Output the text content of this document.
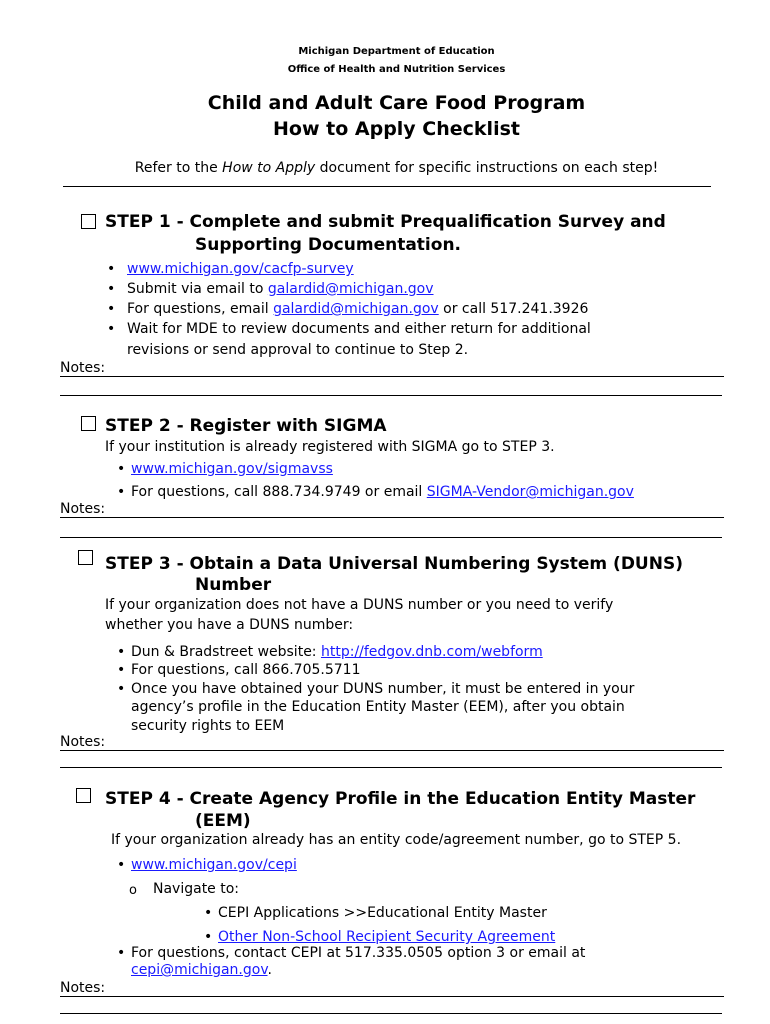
Michigan Department of Education
Office of Health and Nutrition Services
Child and Adult Care Food Program
How to Apply Checklist
Refer to the How to Apply document for specific instructions on each step!
STEP 1 - Complete and submit Prequalification Survey and
Supporting Documentation.
• www.michigan.gov/cacfp-survey
• Submit via email to galardid@michigan.gov
• For questions, email galardid@michigan.gov or call 517.241.3926
• Wait for MDE to review documents and either return for additional
revisions or send approval to continue to Step 2.
Notes:
STEP 2 - Register with SIGMA
If your institution is already registered with SIGMA go to STEP 3.
• www.michigan.gov/sigmavss
• For questions, call 888.734.9749 or email SIGMA-Vendor@michigan.gov
Notes:
STEP 3 - Obtain a Data Universal Numbering System (DUNS)
Number
If your organization does not have a DUNS number or you need to verify
whether you have a DUNS number:
• Dun & Bradstreet website: http://fedgov.dnb.com/webform
• For questions, call 866.705.5711
• Once you have obtained your DUNS number, it must be entered in your
agency’s profile in the Education Entity Master (EEM), after you obtain
security rights to EEM
Notes:
STEP 4 - Create Agency Profile in the Education Entity Master
(EEM)
If your organization already has an entity code/agreement number, go to STEP 5.
• www.michigan.gov/cepi
o Navigate to:
• CEPI Applications >>Educational Entity Master
• Other Non-School Recipient Security Agreement
• For questions, contact CEPI at 517.335.0505 option 3 or email at
cepi@michigan.gov.
Notes:
